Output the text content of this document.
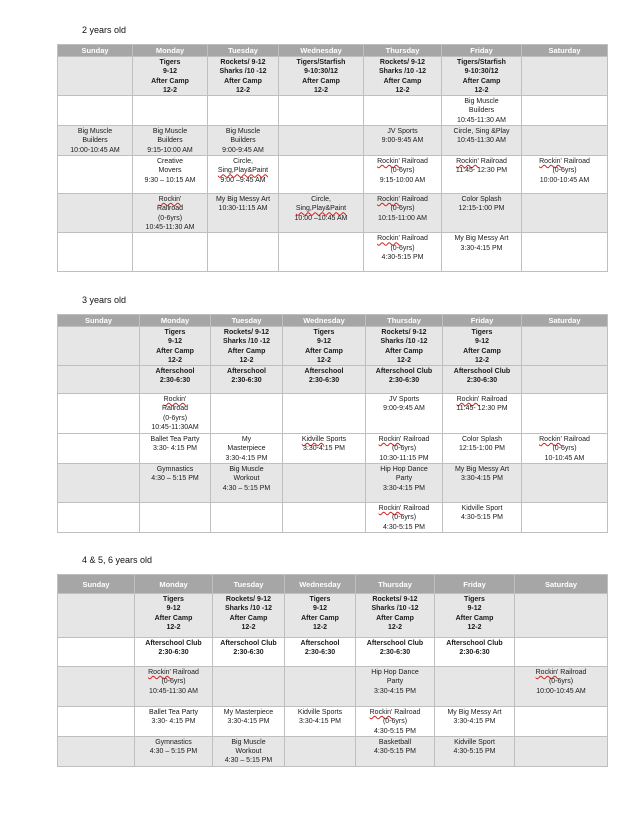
2 years old
Sunday	Monday	Tuesday	Wednesday	Thursday	Friday	Saturday

	Tigers
9-12
After Camp
12-2	Rockets/ 9-12
Sharks /10 -12
After Camp
12-2	Tigers/Starfish
9-10:30/12
After Camp
12-2	Rockets/ 9-12
Sharks /10 -12
After Camp
12-2	Tigers/Starfish
9-10:30/12
After Camp
12-2	

					Big Muscle
Builders
10:45-11:30 AM	

Big Muscle
Builders
10:00-10:45 AM	Big Muscle
Builders
9:15-10:00 AM	Big Muscle
Builders
9:00-9:45 AM		JV Sports
9:00-9:45 AM	Circle, Sing &Play
10:45-11:30 AM	

	Creative
Movers
9:30 – 10:15 AM	Circle,
Sing,Play&Paint
9:00 –9:45 AM		Rockin' Railroad
(0-6yrs)
9:15-10:00 AM	Rockin' Railroad
11:45- 12:30 PM	Rockin' Railroad
(0-6yrs)
10:00-10:45 AM

	Rockin'
Railroad
(0-6yrs)
10:45-11:30 AM	My Big Messy Art
10:30-11:15 AM	Circle,
Sing,Play&Paint
10:00 –10:45 AM	Rockin' Railroad
(0-6yrs)
10:15-11:00 AM	Color Splash
12:15-1:00 PM	

				Rockin' Railroad
(0-6yrs)
4:30-5:15 PM	My Big Messy Art
3:30-4:15 PM	

3 years old
Sunday	Monday	Tuesday	Wednesday	Thursday	Friday	Saturday

	Tigers
9-12
After Camp
12-2	Rockets/ 9-12
Sharks /10 -12
After Camp
12-2	Tigers
9-12
After Camp
12-2	Rockets/ 9-12
Sharks /10 -12
After Camp
12-2	Tigers
9-12
After Camp
12-2	

	Afterschool
2:30-6:30	Afterschool
2:30-6:30	Afterschool
2:30-6:30	Afterschool Club
2:30-6:30	Afterschool Club
2:30-6:30	

	Rockin'
Railroad
(0-6yrs)
10:45-11:30AM			JV Sports
9:00-9:45 AM	Rockin' Railroad
11:45- 12:30 PM	

	Ballet Tea Party
3:30- 4:15 PM	My
Masterpiece
3:30-4:15 PM	Kidville Sports
3:30-4:15 PM	Rockin' Railroad
(0-6yrs)
10:30-11:15 PM	Color Splash
12:15-1:00 PM	Rockin' Railroad
(0-6yrs)
10-10:45 AM

	Gymnastics
4:30 – 5:15 PM	Big Muscle
Workout
4:30 – 5:15 PM		Hip Hop Dance
Party
3:30-4:15 PM	My Big Messy Art
3:30-4:15 PM	

				Rockin' Railroad
(0-6yrs)
4:30-5:15 PM	Kidville Sport
4:30-5:15 PM	

4 & 5, 6 years old
Sunday	Monday	Tuesday	Wednesday	Thursday	Friday	Saturday

	Tigers
9-12
After Camp
12-2	Rockets/ 9-12
Sharks /10 -12
After Camp
12-2	Tigers
9-12
After Camp
12-2	Rockets/ 9-12
Sharks /10 -12
After Camp
12-2	Tigers
9-12
After Camp
12-2	

	Afterschool Club
2:30-6:30	Afterschool Club
2:30-6:30	Afterschool
2:30-6:30	Afterschool Club
2:30-6:30	Afterschool Club
2:30-6:30	

	Rockin' Railroad
(0-6yrs)
10:45-11:30 AM			Hip Hop Dance
Party
3:30-4:15 PM		Rockin' Railroad
(0-6yrs)
10:00-10:45 AM

	Ballet Tea Party
3:30- 4:15 PM	My Masterpiece
3:30-4:15 PM	Kidville Sports
3:30-4:15 PM	Rockin' Railroad
(0-6yrs)
4:30-5:15 PM	My Big Messy Art
3:30-4:15 PM	

	Gymnastics
4:30 – 5:15 PM	Big Muscle
Workout
4:30 – 5:15 PM		Basketball
4:30-5:15 PM	Kidville Sport
4:30-5:15 PM	
